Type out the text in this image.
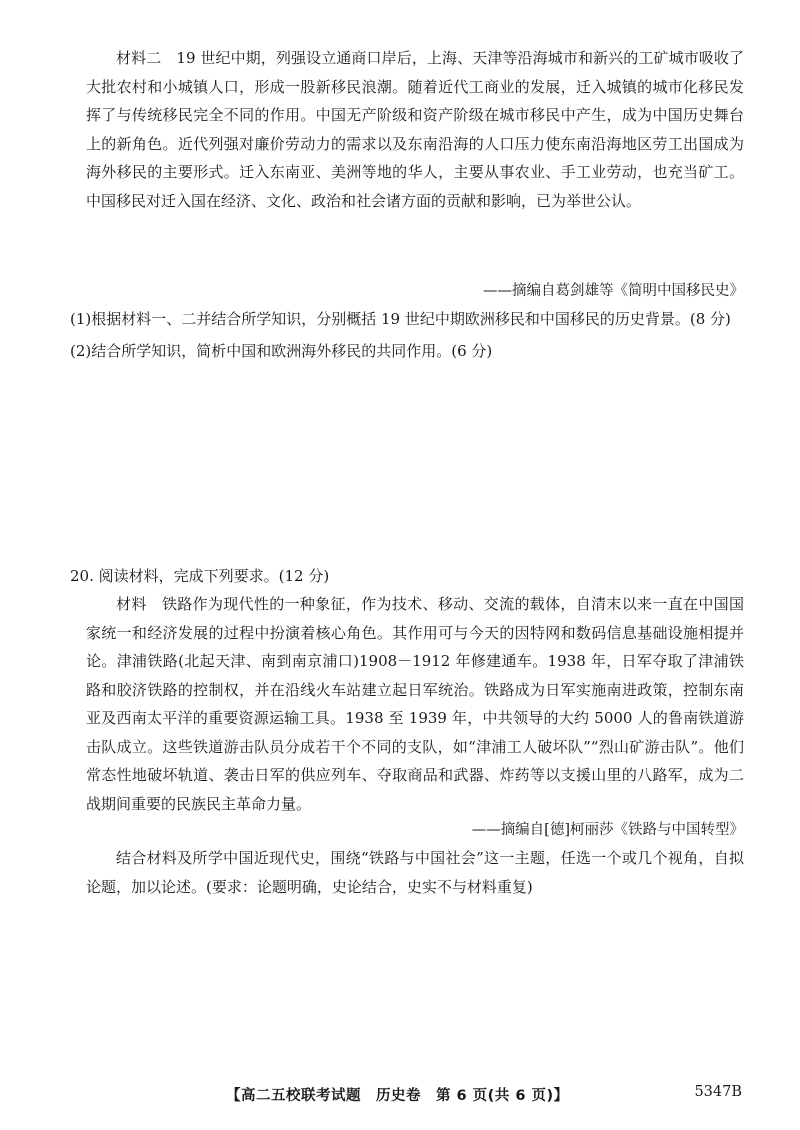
材料二　19 世纪中期，列强设立通商口岸后，上海、天津等沿海城市和新兴的工矿城市吸收了大批农村和小城镇人口，形成一股新移民浪潮。随着近代工商业的发展，迁入城镇的城市化移民发挥了与传统移民完全不同的作用。中国无产阶级和资产阶级在城市移民中产生，成为中国历史舞台上的新角色。近代列强对廉价劳动力的需求以及东南沿海的人口压力使东南沿海地区劳工出国成为海外移民的主要形式。迁入东南亚、美洲等地的华人，主要从事农业、手工业劳动，也充当矿工。中国移民对迁入国在经济、文化、政治和社会诸方面的贡献和影响，已为举世公认。

——摘编自葛剑雄等《简明中国移民史》

(1)根据材料一、二并结合所学知识，分别概括 19 世纪中期欧洲移民和中国移民的历史背景。(8 分)

(2)结合所学知识，简析中国和欧洲海外移民的共同作用。(6 分)

20. 阅读材料，完成下列要求。(12 分)

材料　铁路作为现代性的一种象征，作为技术、移动、交流的载体，自清末以来一直在中国国家统一和经济发展的过程中扮演着核心角色。其作用可与今天的因特网和数码信息基础设施相提并论。津浦铁路(北起天津、南到南京浦口)1908－1912 年修建通车。1938 年，日军夺取了津浦铁路和胶济铁路的控制权，并在沿线火车站建立起日军统治。铁路成为日军实施南进政策，控制东南亚及西南太平洋的重要资源运输工具。1938 至 1939 年，中共领导的大约 5000 人的鲁南铁道游击队成立。这些铁道游击队员分成若干个不同的支队，如“津浦工人破坏队”“烈山矿游击队”。他们常态性地破坏轨道、袭击日军的供应列车、夺取商品和武器、炸药等以支援山里的八路军，成为二战期间重要的民族民主革命力量。

——摘编自[德]柯丽莎《铁路与中国转型》

结合材料及所学中国近现代史，围绕“铁路与中国社会”这一主题，任选一个或几个视角，自拟论题，加以论述。(要求：论题明确，史论结合，史实不与材料重复)

【高二五校联考试题　历史卷　第 6 页(共 6 页)】	5347B
